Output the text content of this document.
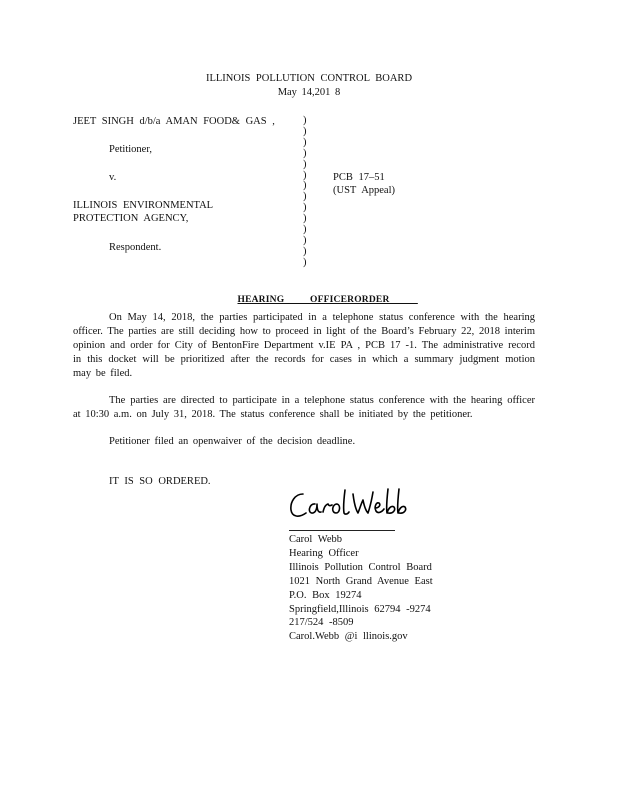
ILLINOIS POLLUTION CONTROL BOARD
May 14,201 8
JEET SINGH d/b/a AMAN FOOD& GAS ,
Petitioner,
v.
ILLINOIS ENVIRONMENTAL
PROTECTION AGENCY,
Respondent.
)
)
)
)
)
)
)
)
)
)
)
)
)
)
PCB 17–51
(UST Appeal)

HEARING          OFFICERORDER

On May 14, 2018, the parties participated in a telephone status conference with the hearing officer. The parties are still deciding how to proceed in light of the Board’s February 22, 2018 interim opinion and order for City of BentonFire Department v.IE PA , PCB 17 -1. The administrative record in this docket will be prioritized after the records for cases in which a summary judgment motion may be filed.
The parties are directed to participate in a telephone status conference with the hearing officer at 10:30 a.m. on July 31, 2018. The status conference shall be initiated by the petitioner.
Petitioner filed an openwaiver of the decision deadline.
IT IS SO ORDERED.
Carol Webb
Hearing Officer
Illinois Pollution Control Board
1021 North Grand Avenue East
P.O. Box 19274
Springfield,Illinois 62794 -9274
217/524 -8509
Carol.Webb @i llinois.gov
